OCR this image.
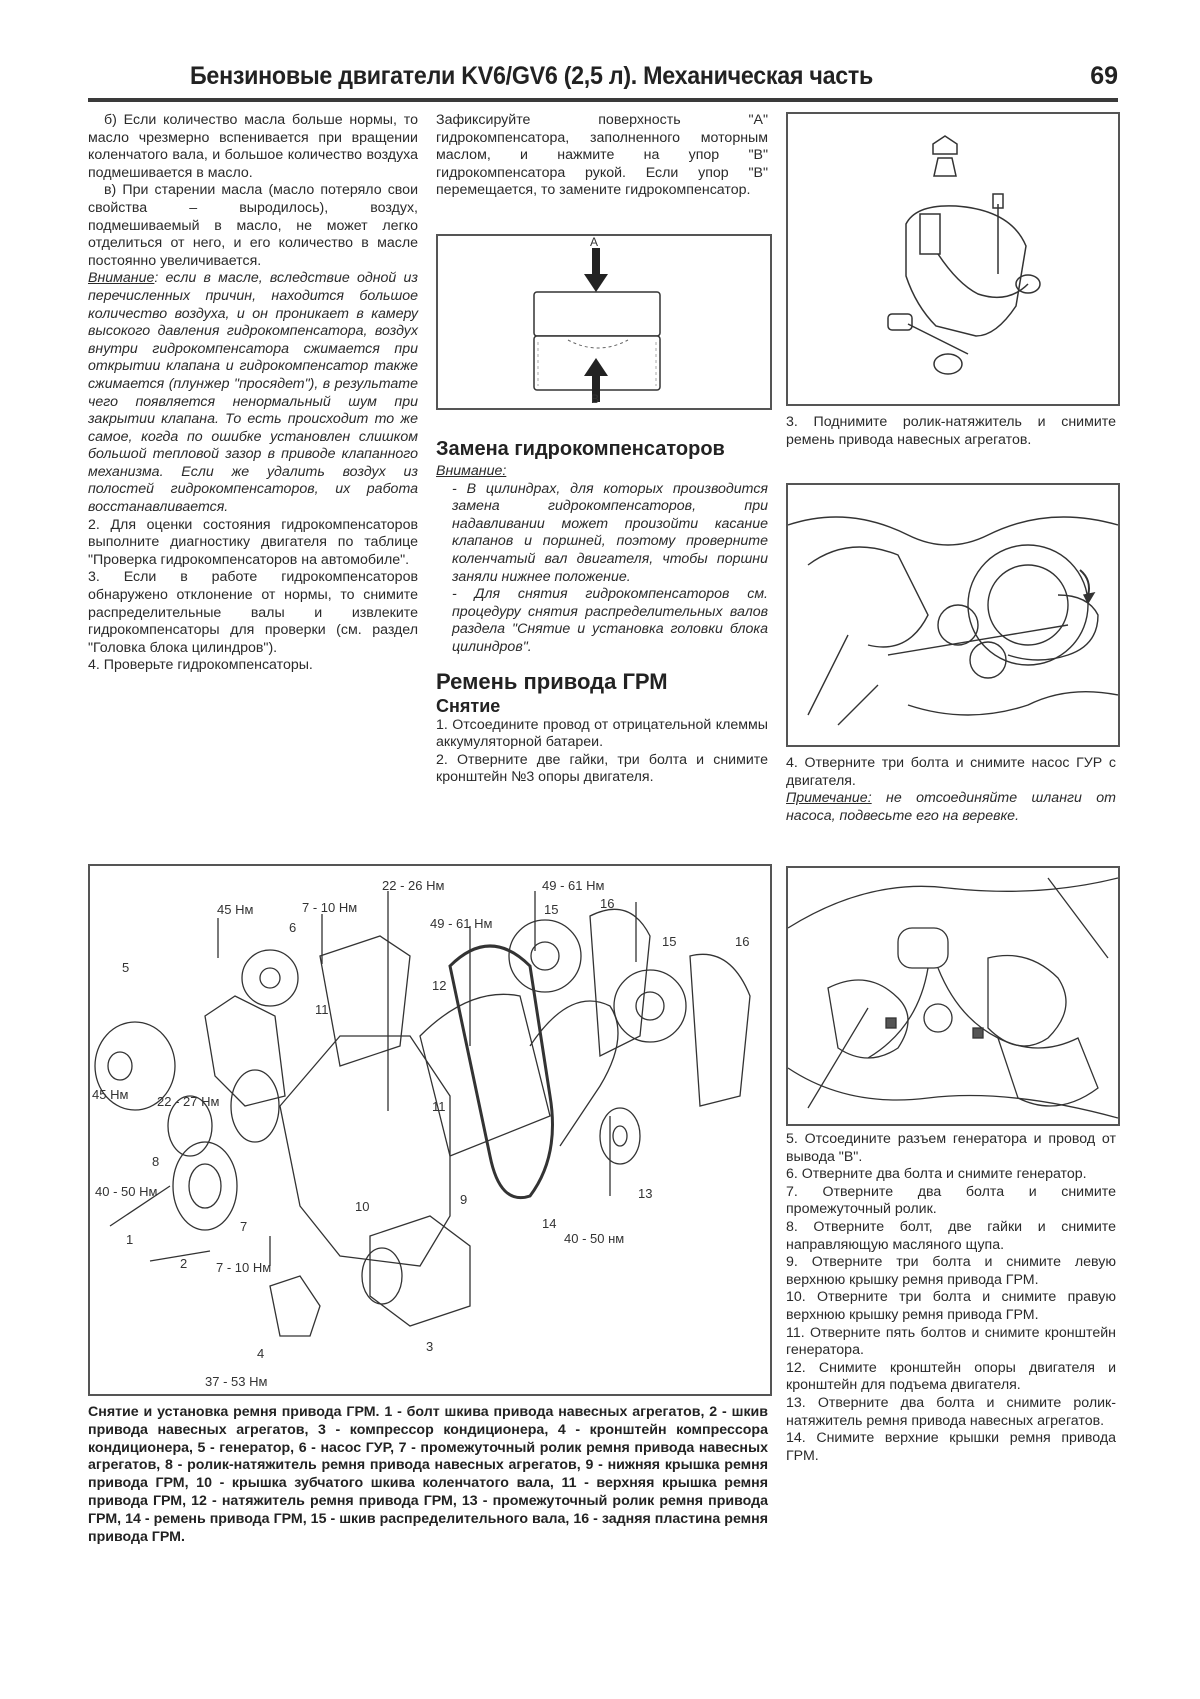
Бензиновые двигатели KV6/GV6 (2,5 л). Механическая часть	69

б) Если количество масла больше нормы, то масло чрезмерно вспенивается при вращении коленчатого вала, и большое количество воздуха подмешивается в масло.

в) При старении масла (масло потеряло свои свойства – выродилось), воздух, подмешиваемый в масло, не может легко отделиться от него, и его количество в масле постоянно увеличивается.

Внимание: если в масле, вследствие одной из перечисленных причин, находится большое количество воздуха, и он проникает в камеру высокого давления гидрокомпенсатора, воздух внутри гидрокомпенсатора сжимается при открытии клапана и гидрокомпенсатор также сжимается (плунжер "просядет"), в результате чего появляется ненормальный шум при закрытии клапана. То есть происходит то же самое, когда по ошибке установлен слишком большой тепловой зазор в приводе клапанного механизма. Если же удалить воздух из полостей гидрокомпенсаторов, их работа восстанавливается.

2. Для оценки состояния гидрокомпенсаторов выполните диагностику двигателя по таблице "Проверка гидрокомпенсаторов на автомобиле".

3. Если в работе гидрокомпенсаторов обнаружено отклонение от нормы, то снимите распределительные валы и извлеките гидрокомпенсаторы для проверки (см. раздел "Головка блока цилиндров").

4. Проверьте гидрокомпенсаторы.

Зафиксируйте поверхность "А" гидрокомпенсатора, заполненного моторным маслом, и нажмите на упор "В" гидрокомпенсатора рукой. Если упор "В" перемещается, то замените гидрокомпенсатор.

A
B

Замена гидрокомпенсаторов

Внимание:

- В цилиндрах, для которых производится замена гидрокомпенсаторов, при надавливании может произойти касание клапанов и поршней, поэтому проверните коленчатый вал двигателя, чтобы поршни заняли нижнее положение.

- Для снятия гидрокомпенсаторов см. процедуру снятия распределительных валов раздела "Снятие и установка головки блока цилиндров".

Ремень привода ГРМ

Снятие

1. Отсоедините провод от отрицательной клеммы аккумуляторной батареи.

2. Отверните две гайки, три болта и снимите кронштейн №3 опоры двигателя.

3. Поднимите ролик-натяжитель и снимите ремень привода навесных агрегатов.

4. Отверните три болта и снимите насос ГУР с двигателя.

Примечание: не отсоединяйте шланги от насоса, подвесьте его на веревке.

5. Отсоедините разъем генератора и провод от вывода "В".

6. Отверните два болта и снимите генератор.

7. Отверните два болта и снимите промежуточный ролик.

8. Отверните болт, две гайки и снимите направляющую масляного щупа.

9. Отверните три болта и снимите левую верхнюю крышку ремня привода ГРМ.

10. Отверните три болта и снимите правую верхнюю крышку ремня привода ГРМ.

11. Отверните пять болтов и снимите кронштейн генератора.

12. Снимите кронштейн опоры двигателя и кронштейн для подъема двигателя.

13. Отверните два болта и снимите ролик-натяжитель ремня привода навесных агрегатов.

14. Снимите верхние крышки ремня привода ГРМ.

22 - 26 Нм
45 Нм	7 - 10 Нм
49 - 61 Нм
49 - 61 Нм
6
15	16
15	16
5
12
11
11
45 Нм 22 - 27 Нм
8
40 - 50 Нм
10	9	13
1
7	14
40 - 50 нм
2 7 - 10 Нм
3
4
37 - 53 Нм
Снятие и установка ремня привода ГРМ. 1 - болт шкива привода навесных агрегатов, 2 - шкив привода навесных агрегатов, 3 - компрессор кондиционера, 4 - кронштейн компрессора кондиционера, 5 - генератор, 6 - насос ГУР, 7 - промежуточный ролик ремня привода навесных агрегатов, 8 - ролик-натяжитель ремня привода навесных агрегатов, 9 - нижняя крышка ремня привода ГРМ, 10 - крышка зубчатого шкива коленчатого вала, 11 - верхняя крышка ремня привода ГРМ, 12 - натяжитель ремня привода ГРМ, 13 - промежуточный ролик ремня привода ГРМ, 14 - ремень привода ГРМ, 15 - шкив распределительного вала, 16 - задняя пластина ремня привода ГРМ.
